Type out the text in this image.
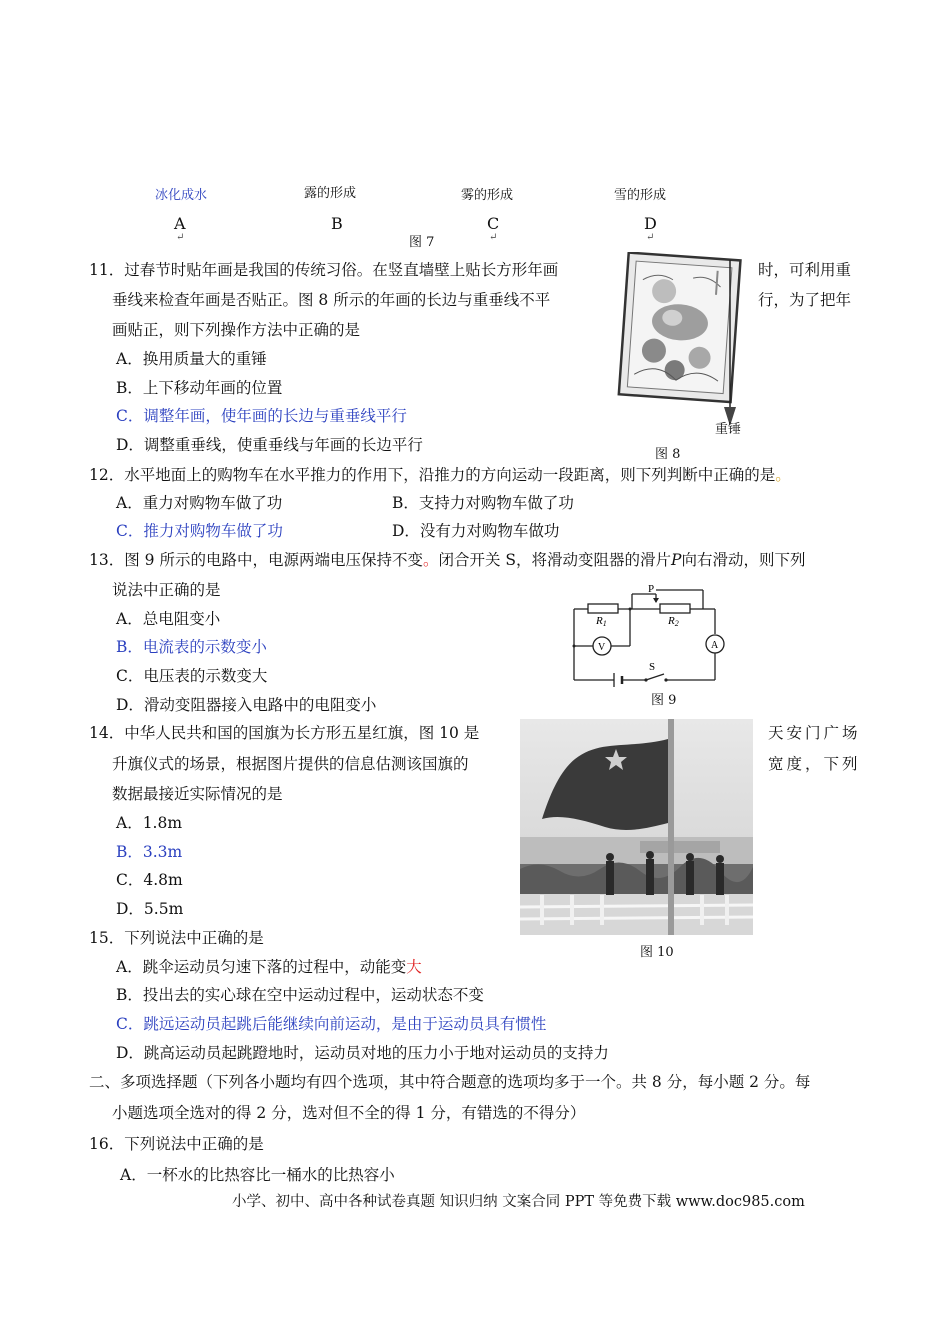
冰化成水	露的形成	雾的形成	雪的形成
A	B	C	D
↵	↵	↵
图 7
11．过春节时贴年画是我国的传统习俗。在竖直墙壁上贴长方形年画	时，可利用重
垂线来检查年画是否贴正。图 8 所示的年画的长边与重垂线不平	行，为了把年
画贴正，则下列操作方法中正确的是
A．换用质量大的重锤
B．上下移动年画的位置
C．调整年画，使年画的长边与重垂线平行
D．调整重垂线，使重垂线与年画的长边平行
重锤
图 8
12．水平地面上的购物车在水平推力的作用下，沿推力的方向运动一段距离，则下列判断中正确的是。
A．重力对购物车做了功	B．支持力对购物车做了功
C．推力对购物车做了功	D．没有力对购物车做功
13．图 9 所示的电路中，电源两端电压保持不变。闭合开关 S，将滑动变阻器的滑片P向右滑动，则下列
说法中正确的是
A．总电阻变小
B．电流表的示数变小
C．电压表的示数变大
D．滑动变阻器接入电路中的电阻变小
P
R1	R2
V	A
S
图 9
14．中华人民共和国的国旗为长方形五星红旗，图 10 是	天安门广场
升旗仪式的场景，根据图片提供的信息估测该国旗的	宽度，下列
数据最接近实际情况的是
A．1.8m
B．3.3m
C．4.8m
D．5.5m
图 10
15．下列说法中正确的是
A．跳伞运动员匀速下落的过程中，动能变大
B．投出去的实心球在空中运动过程中，运动状态不变
C．跳远运动员起跳后能继续向前运动，是由于运动员具有惯性
D．跳高运动员起跳蹬地时，运动员对地的压力小于地对运动员的支持力
二、多项选择题（下列各小题均有四个选项，其中符合题意的选项均多于一个。共 8 分，每小题 2 分。每
小题选项全选对的得 2 分，选对但不全的得 1 分，有错选的不得分）
16．下列说法中正确的是
A．一杯水的比热容比一桶水的比热容小
小学、初中、高中各种试卷真题 知识归纳 文案合同 PPT 等免费下载 www.doc985.com
